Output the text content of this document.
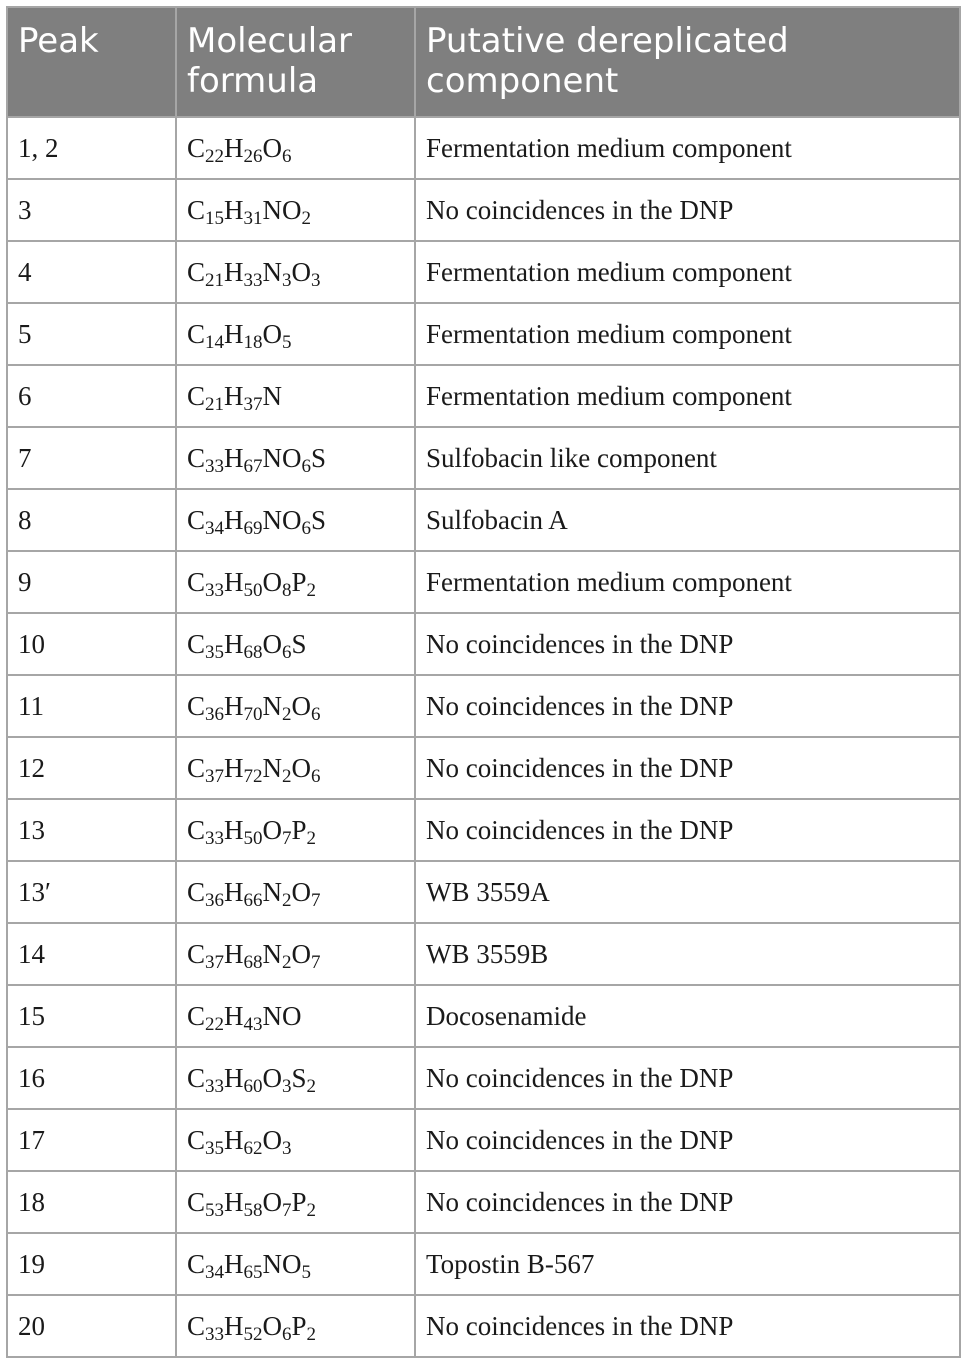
Peak	Molecular formula	Putative dereplicated component
1, 2	$C_{22}H_{26}O_6$	Fermentation medium component
3	$C_{15}H_{31}NO_2$	No coincidences in the DNP
4	$C_{21}H_{33}N_3O_3$	Fermentation medium component
5	$C_{14}H_{18}O_5$	Fermentation medium component
6	$C_{21}H_{37}N$	Fermentation medium component
7	$C_{33}H_{67}NO_6S$	Sulfobacin like component
8	$C_{34}H_{69}NO_6S$	Sulfobacin A
9	$C_{33}H_{50}O_8P_2$	Fermentation medium component
10	$C_{35}H_{68}O_6S$	No coincidences in the DNP
11	$C_{36}H_{70}N_2O_6$	No coincidences in the DNP
12	$C_{37}H_{72}N_2O_6$	No coincidences in the DNP
13	$C_{33}H_{50}O_7P_2$	No coincidences in the DNP
13′	$C_{36}H_{66}N_2O_7$	WB 3559A
14	$C_{37}H_{68}N_2O_7$	WB 3559B
15	$C_{22}H_{43}NO$	Docosenamide
16	$C_{33}H_{60}O_3S_2$	No coincidences in the DNP
17	$C_{35}H_{62}O_3$	No coincidences in the DNP
18	$C_{53}H_{58}O_7P_2$	No coincidences in the DNP
19	$C_{34}H_{65}NO_5$	Topostin B-567
20	$C_{33}H_{52}O_6P_2$	No coincidences in the DNP
